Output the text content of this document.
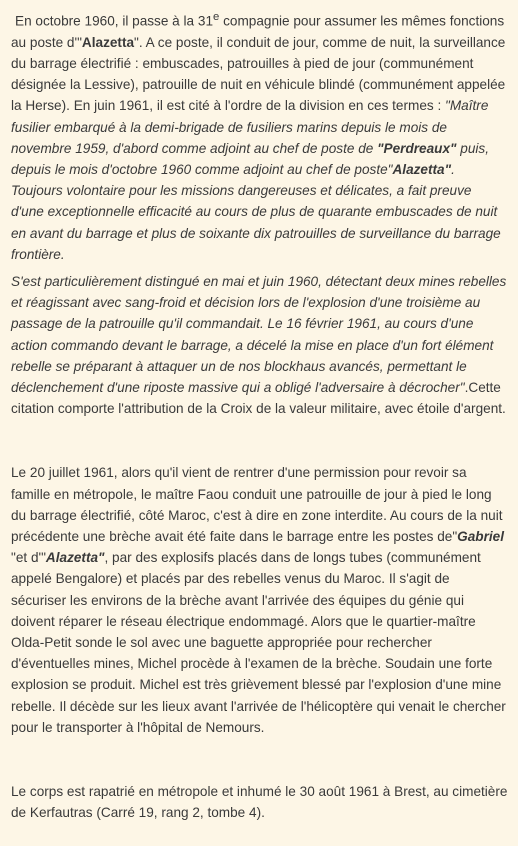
En octobre 1960, il passe à la 31e compagnie pour assumer les mêmes fonctions au poste d'"Alazetta". A ce poste, il conduit de jour, comme de nuit, la surveillance du barrage électrifié : embuscades, patrouilles à pied de jour (communément désignée la Lessive), patrouille de nuit en véhicule blindé (communément appelée la Herse). En juin 1961, il est cité à l'ordre de la division en ces termes : "Maître fusilier embarqué à la demi-brigade de fusiliers marins depuis le mois de novembre 1959, d'abord comme adjoint au chef de poste de "Perdreaux" puis, depuis le mois d'octobre 1960 comme adjoint au chef de poste"Alazetta". Toujours volontaire pour les missions dangereuses et délicates, a fait preuve d'une exceptionnelle efficacité au cours de plus de quarante embuscades de nuit en avant du barrage et plus de soixante dix patrouilles de surveillance du barrage frontière.

S'est particulièrement distingué en mai et juin 1960, détectant deux mines rebelles et réagissant avec sang-froid et décision lors de l'explosion d'une troisième au passage de la patrouille qu'il commandait. Le 16 février 1961, au cours d'une action commando devant le barrage, a décelé la mise en place d'un fort élément rebelle se préparant à attaquer un de nos blockhaus avancés, permettant le déclenchement d'une riposte massive qui a obligé l'adversaire à décrocher".Cette citation comporte l'attribution de la Croix de la valeur militaire, avec étoile d'argent.

Le 20 juillet 1961, alors qu'il vient de rentrer d'une permission pour revoir sa famille en métropole, le maître Faou conduit une patrouille de jour à pied le long du barrage électrifié, côté Maroc, c'est à dire en zone interdite. Au cours de la nuit précédente une brèche avait été faite dans le barrage entre les postes de"Gabriel "et d'"Alazetta", par des explosifs placés dans de longs tubes (communément appelé Bengalore) et placés par des rebelles venus du Maroc. Il s'agit de sécuriser les environs de la brèche avant l'arrivée des équipes du génie qui doivent réparer le réseau électrique endommagé. Alors que le quartier-maître Olda-Petit sonde le sol avec une baguette appropriée pour rechercher d'éventuelles mines, Michel procède à l'examen de la brèche. Soudain une forte explosion se produit. Michel est très grièvement blessé par l'explosion d'une mine rebelle. Il décède sur les lieux avant l'arrivée de l'hélicoptère qui venait le chercher pour le transporter à l'hôpital de Nemours.

Le corps est rapatrié en métropole et inhumé le 30 août 1961 à Brest, au cimetière de Kerfautras (Carré 19, rang 2, tombe 4).
